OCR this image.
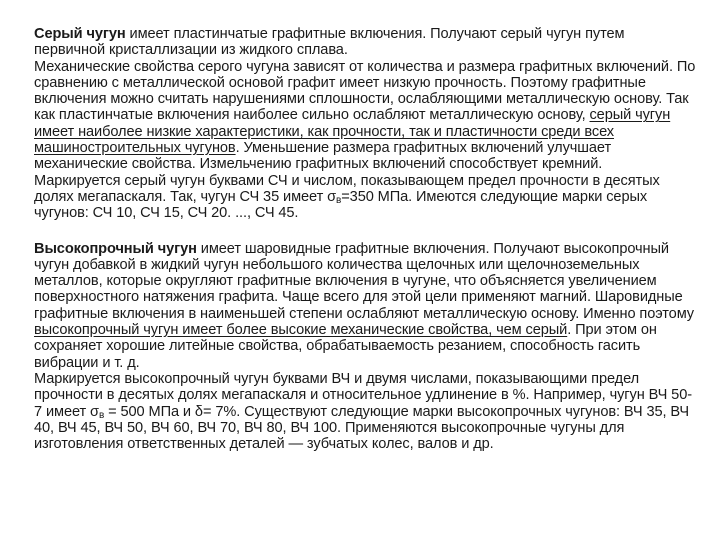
Серый чугун имеет пластинчатые графитные включения. Получают серый чугун путем первичной кристаллизации из жидкого сплава.

Механические свойства серого чугуна зависят от количества и размера графитных включений. По сравнению с металлической основой графит имеет низкую прочность. Поэтому графитные включения можно считать нарушениями сплошности, ослабляющими металлическую основу. Так как пластинчатые включения наиболее сильно ослабляют металлическую основу, серый чугун имеет наиболее низкие характеристики, как прочности, так и пластичности среди всех машиностроительных чугунов. Уменьшение размера графитных включений улучшает механические свойства. Измельчению графитных включений способствует кремний.

Маркируется серый чугун буквами СЧ и числом, показывающем предел прочности в десятых долях мегапаскаля. Так, чугун СЧ 35 имеет $\sigma_в=350$ МПа. Имеются следующие марки серых чугунов: СЧ 10, СЧ 15, СЧ 20. ..., СЧ 45.

Высокопрочный чугун имеет шаровидные графитные включения. Получают высокопрочный чугун добавкой в жидкий чугун небольшого количества щелочных или щелочноземельных металлов, которые округляют графитные включения в чугуне, что объясняется увеличением поверхностного натяжения графита. Чаще всего для этой цели применяют магний. Шаровидные графитные включения в наименьшей степени ослабляют металлическую основу. Именно поэтому высокопрочный чугун имеет более высокие механические свойства, чем серый. При этом он сохраняет хорошие литейные свойства, обрабатываемость резанием, способность гасить вибрации и т. д.

Маркируется высокопрочный чугун буквами ВЧ и двумя числами, показывающими предел прочности в десятых долях мегапаскаля и относительное удлинение в %. Например, чугун ВЧ 50-7 имеет $\sigma_в = 500$ МПа и δ= 7%. Существуют следующие марки высокопрочных чугунов: ВЧ 35, ВЧ 40, ВЧ 45, ВЧ 50, ВЧ 60, ВЧ 70, ВЧ 80, ВЧ 100. Применяются высокопрочные чугуны для изготовления ответственных деталей — зубчатых колес, валов и др.
